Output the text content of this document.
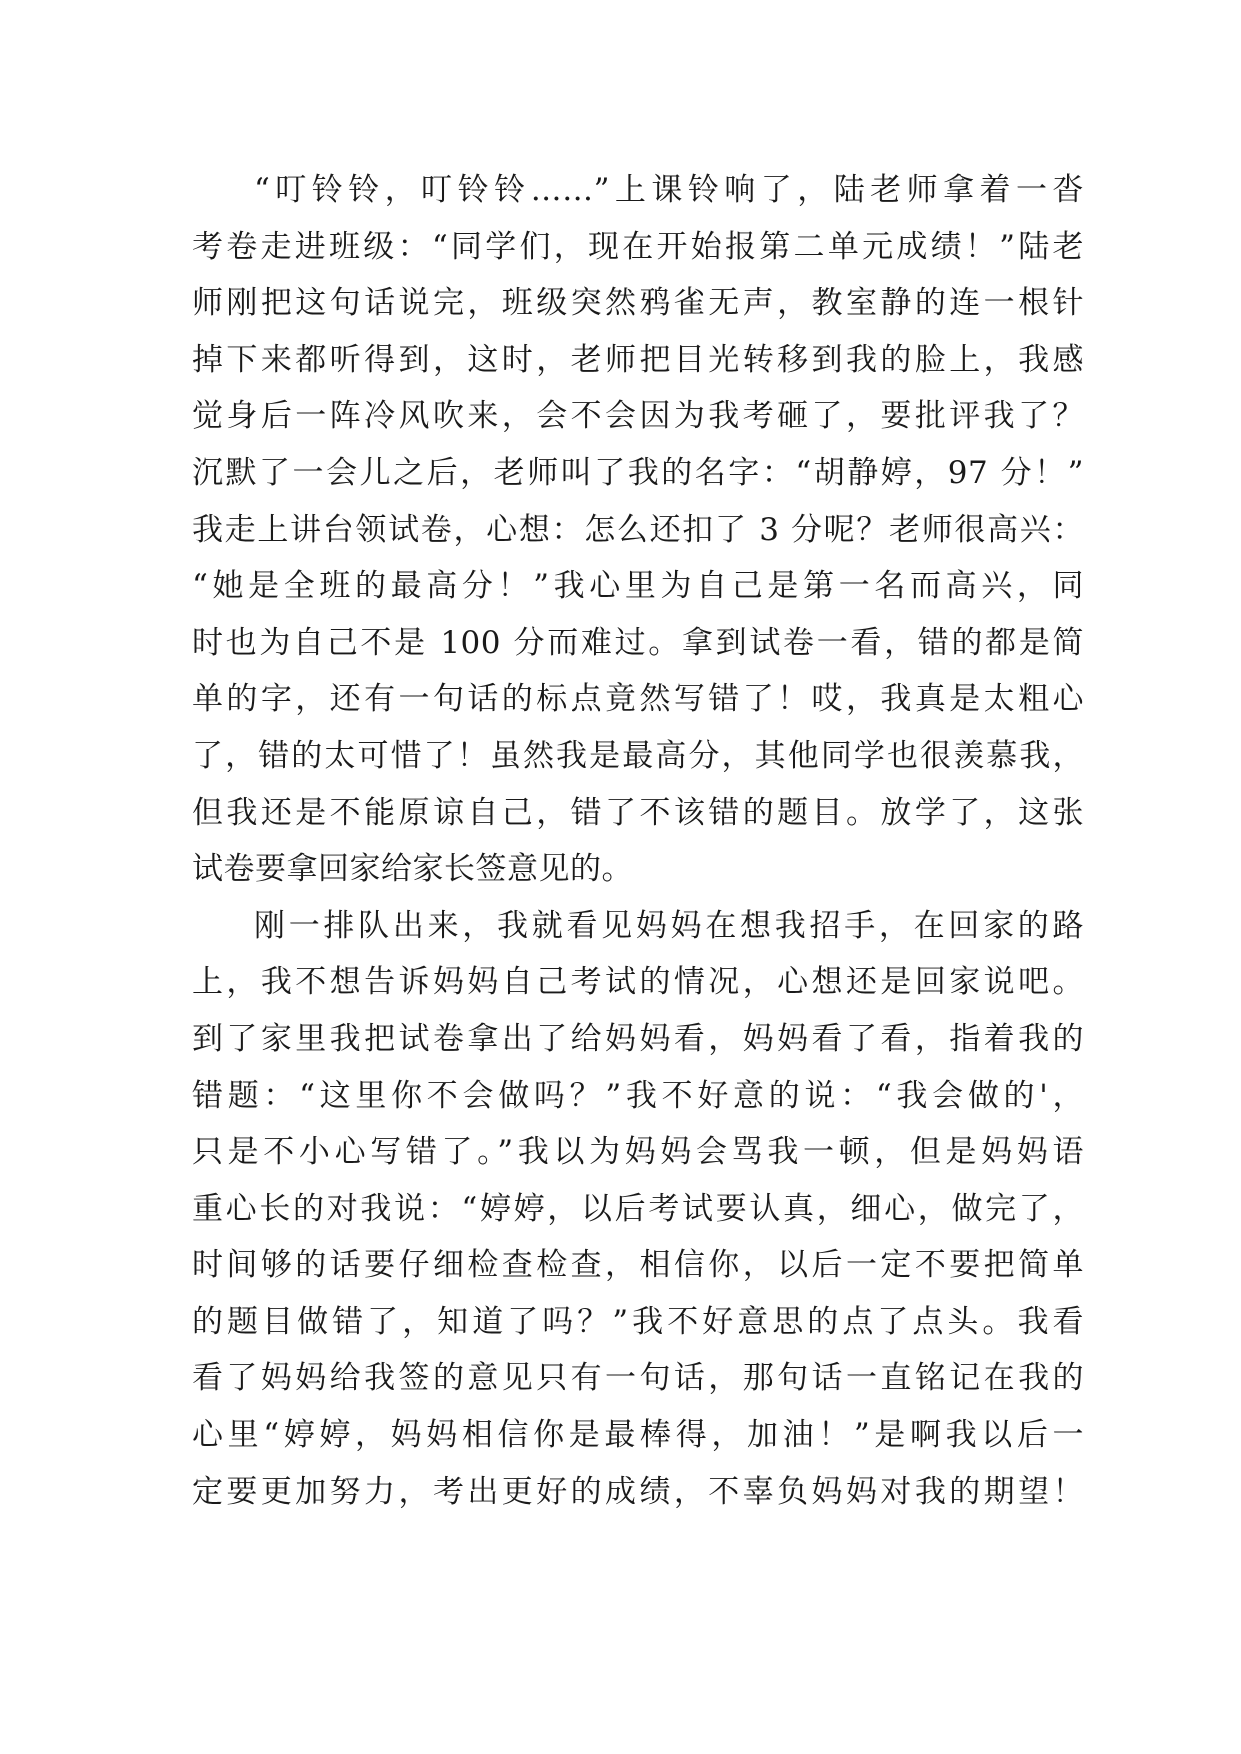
“叮铃铃，叮铃铃……”上课铃响了，陆老师拿着一沓
考卷走进班级：“同学们，现在开始报第二单元成绩！”陆老
师刚把这句话说完，班级突然鸦雀无声，教室静的连一根针
掉下来都听得到，这时，老师把目光转移到我的脸上，我感
觉身后一阵冷风吹来，会不会因为我考砸了，要批评我了？
沉默了一会儿之后，老师叫了我的名字：“胡静婷，97 分！”
我走上讲台领试卷，心想：怎么还扣了 3 分呢？老师很高兴：
“她是全班的最高分！”我心里为自己是第一名而高兴，同
时也为自己不是 100 分而难过。拿到试卷一看，错的都是简
单的字，还有一句话的标点竟然写错了！哎，我真是太粗心
了，错的太可惜了！虽然我是最高分，其他同学也很羡慕我，
但我还是不能原谅自己，错了不该错的题目。放学了，这张
试卷要拿回家给家长签意见的。
刚一排队出来，我就看见妈妈在想我招手，在回家的路
上，我不想告诉妈妈自己考试的情况，心想还是回家说吧。
到了家里我把试卷拿出了给妈妈看，妈妈看了看，指着我的
错题：“这里你不会做吗？”我不好意的说：“我会做的'，
只是不小心写错了。”我以为妈妈会骂我一顿，但是妈妈语
重心长的对我说：“婷婷，以后考试要认真，细心，做完了，
时间够的话要仔细检查检查，相信你，以后一定不要把简单
的题目做错了，知道了吗？”我不好意思的点了点头。我看
看了妈妈给我签的意见只有一句话，那句话一直铭记在我的
心里“婷婷，妈妈相信你是最棒得，加油！”是啊我以后一
定要更加努力，考出更好的成绩，不辜负妈妈对我的期望！
